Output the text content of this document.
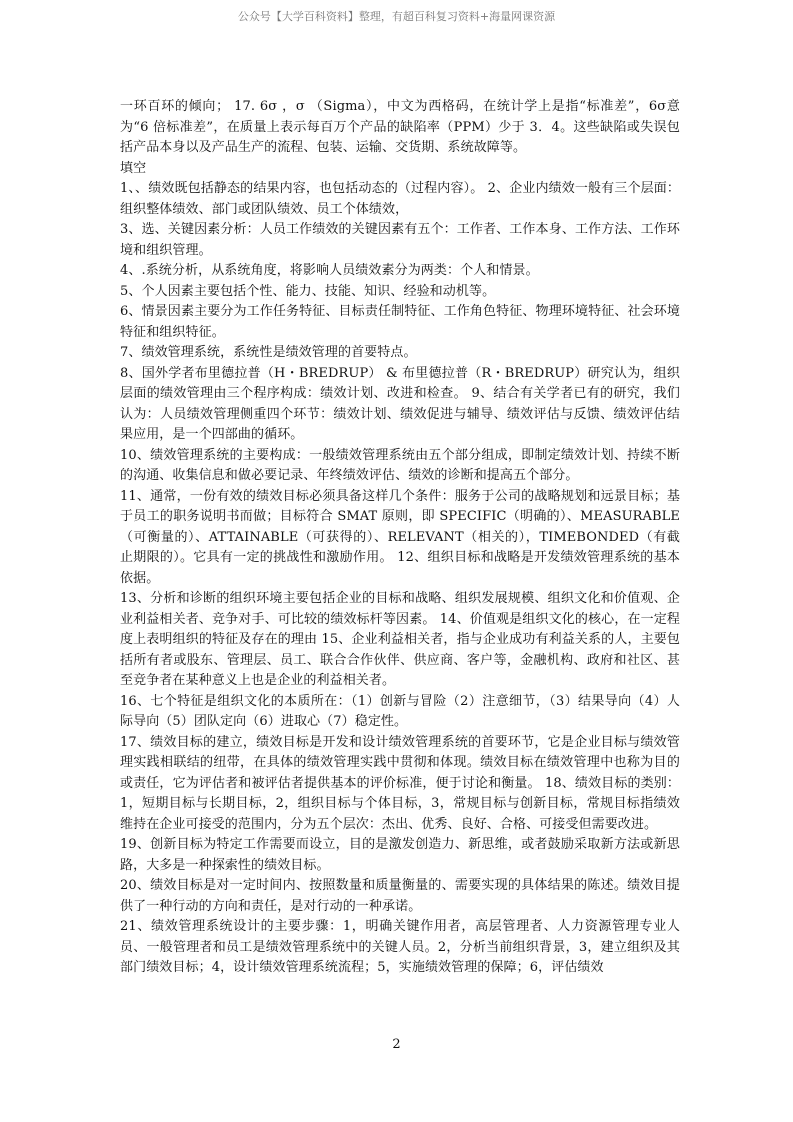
公众号【大学百科资料】整理，有超百科复习资料+海量网课资源

一环百环的倾向； 17. 6σ ，σ （Sigma），中文为西格码，在统计学上是指“标准差”，6σ意为“6 倍标准差”，在质量上表示每百万个产品的缺陷率（PPM）少于 3．4。这些缺陷或失误包括产品本身以及产品生产的流程、包装、运输、交货期、系统故障等。

填空

1、、绩效既包括静态的结果内容，也包括动态的（过程内容）。 2、企业内绩效一般有三个层面：组织整体绩效、部门或团队绩效、员工个体绩效，

3、选、关键因素分析：人员工作绩效的关键因素有五个：工作者、工作本身、工作方法、工作环境和组织管理。

4、.系统分析，从系统角度，将影响人员绩效素分为两类：个人和情景。

5、个人因素主要包括个性、能力、技能、知识、经验和动机等。

6、情景因素主要分为工作任务特征、目标责任制特征、工作角色特征、物理环境特征、社会环境特征和组织特征。

7、绩效管理系统，系统性是绩效管理的首要特点。

8、国外学者布里德拉普（H・BREDRUP） & 布里德拉普（R・BREDRUP）研究认为，组织层面的绩效管理由三个程序构成：绩效计划、改进和检查。 9、结合有关学者已有的研究，我们认为：人员绩效管理侧重四个环节：绩效计划、绩效促进与辅导、绩效评估与反馈、绩效评估结果应用，是一个四部曲的循环。

10、绩效管理系统的主要构成：一般绩效管理系统由五个部分组成，即制定绩效计划、持续不断的沟通、收集信息和做必要记录、年终绩效评估、绩效的诊断和提高五个部分。

11、通常，一份有效的绩效目标必须具备这样几个条件：服务于公司的战略规划和远景目标；基于员工的职务说明书而做；目标符合 SMAT 原则，即 SPECIFIC（明确的）、MEASURABLE（可衡量的）、ATTAINABLE（可获得的）、RELEVANT（相关的），TIMEBONDED（有截止期限的）。它具有一定的挑战性和激励作用。 12、组织目标和战略是开发绩效管理系统的基本依据。

13、分析和诊断的组织环境主要包括企业的目标和战略、组织发展规模、组织文化和价值观、企业利益相关者、竞争对手、可比较的绩效标杆等因素。 14、价值观是组织文化的核心，在一定程度上表明组织的特征及存在的理由 15、企业利益相关者，指与企业成功有利益关系的人，主要包括所有者或股东、管理层、员工、联合合作伙伴、供应商、客户等，金融机构、政府和社区、甚至竞争者在某种意义上也是企业的利益相关者。

16、七个特征是组织文化的本质所在：（1）创新与冒险（2）注意细节，（3）结果导向（4）人际导向（5）团队定向（6）进取心（7）稳定性。

17、绩效目标的建立，绩效目标是开发和设计绩效管理系统的首要环节，它是企业目标与绩效管理实践相联结的纽带，在具体的绩效管理实践中贯彻和体现。绩效目标在绩效管理中也称为目的或责任，它为评估者和被评估者提供基本的评价标准，便于讨论和衡量。 18、绩效目标的类别：1，短期目标与长期目标，2，组织目标与个体目标，3，常规目标与创新目标，常规目标指绩效维持在企业可接受的范围内，分为五个层次：杰出、优秀、良好、合格、可接受但需要改进。

19、创新目标为特定工作需要而设立，目的是激发创造力、新思维，或者鼓励采取新方法或新思路，大多是一种探索性的绩效目标。

20、绩效目标是对一定时间内、按照数量和质量衡量的、需要实现的具体结果的陈述。绩效目提供了一种行动的方向和责任，是对行动的一种承诺。

21、绩效管理系统设计的主要步骤：1，明确关键作用者，高层管理者、人力资源管理专业人员、一般管理者和员工是绩效管理系统中的关键人员。2，分析当前组织背景，3，建立组织及其部门绩效目标；4，设计绩效管理系统流程；5，实施绩效管理的保障；6，评估绩效

2
